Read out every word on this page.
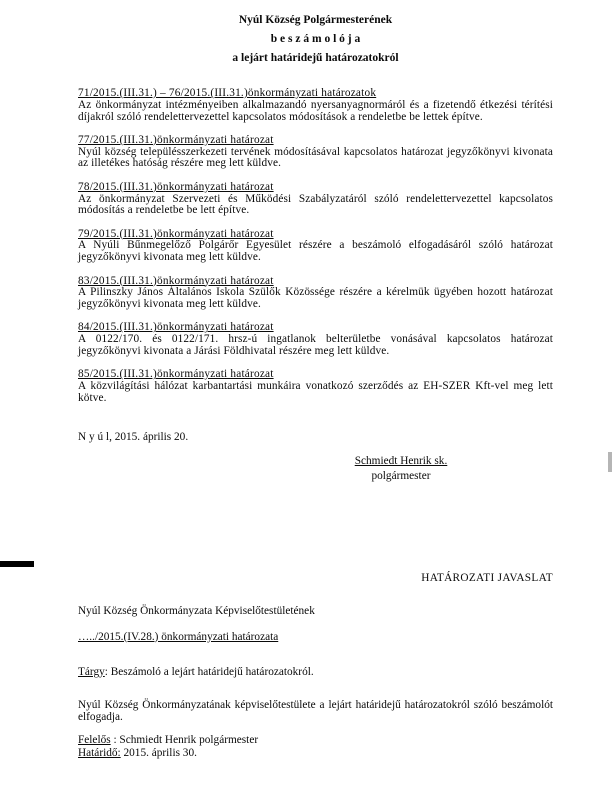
Nyúl Község Polgármesterének
b e s z á m o l ó j a
a lejárt határidejű határozatokról
71/2015.(III.31.) – 76/2015.(III.31.)önkormányzati határozatok
Az önkormányzat intézményeiben alkalmazandó nyersanyagnormáról és a fizetendő étkezési térítési díjakról szóló rendelettervezettel kapcsolatos módosítások a rendeletbe be lettek építve.
77/2015.(III.31.)önkormányzati határozat
Nyúl község településszerkezeti tervének módosításával kapcsolatos határozat jegyzőkönyvi kivonata az illetékes hatóság részére meg lett küldve.
78/2015.(III.31.)önkormányzati határozat
Az önkormányzat Szervezeti és Működési Szabályzatáról szóló rendelettervezettel kapcsolatos módosítás a rendeletbe be lett építve.
79/2015.(III.31.)önkormányzati határozat
A Nyúli Bűnmegelőző Polgárőr Egyesület részére a beszámoló elfogadásáról szóló határozat jegyzőkönyvi kivonata meg lett küldve.
83/2015.(III.31.)önkormányzati határozat
A Pilinszky János Általános Iskola Szülők Közössége részére a kérelmük ügyében hozott határozat jegyzőkönyvi kivonata meg lett küldve.
84/2015.(III.31.)önkormányzati határozat
A 0122/170. és 0122/171. hrsz-ú ingatlanok belterületbe vonásával kapcsolatos határozat jegyzőkönyvi kivonata a Járási Földhivatal részére meg lett küldve.
85/2015.(III.31.)önkormányzati határozat
A közvilágítási hálózat karbantartási munkáira vonatkozó szerződés az EH-SZER Kft-vel meg lett kötve.
N y ú l, 2015. április 20.
Schmiedt Henrik sk.
polgármester
HATÁROZATI JAVASLAT
Nyúl Község Önkormányzata Képviselőtestületének
…../2015.(IV.28.) önkormányzati határozata
Tárgy: Beszámoló a lejárt határidejű határozatokról.
Nyúl Község Önkormányzatának képviselőtestülete a lejárt határidejű határozatokról szóló beszámolót elfogadja.
Felelős : Schmiedt Henrik polgármester
Határidő: 2015. április 30.
